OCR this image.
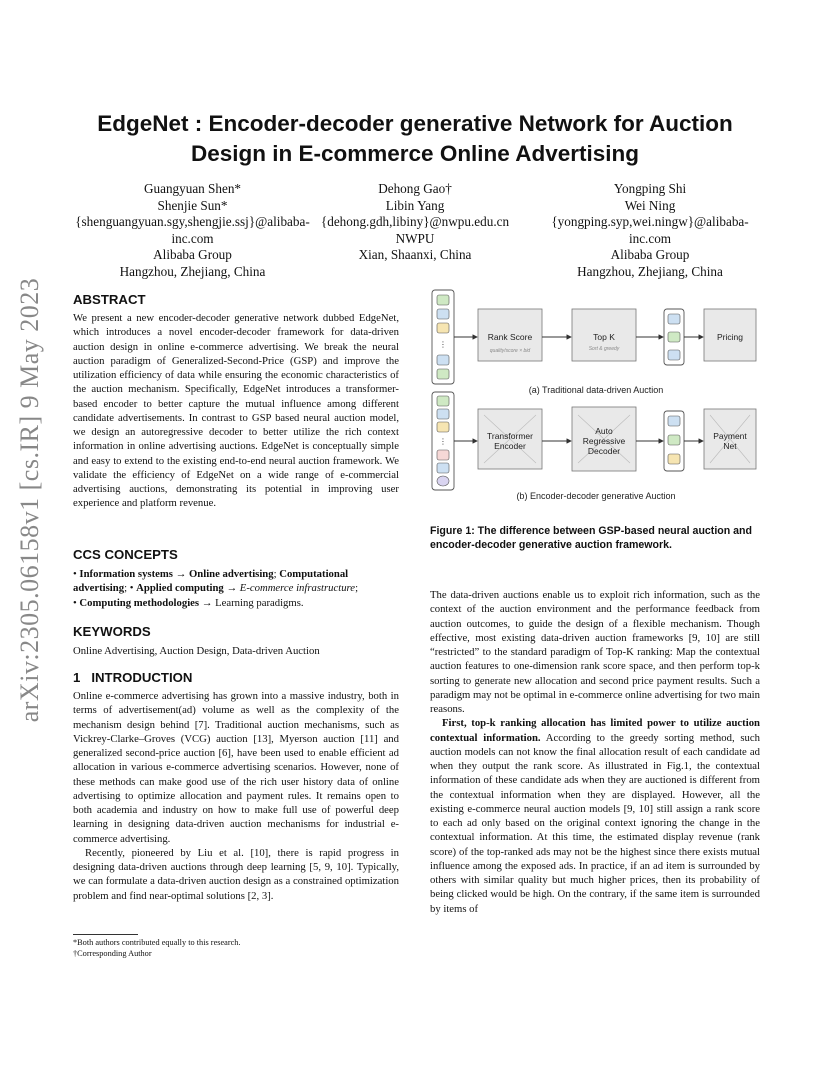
arXiv:2305.06158v1 [cs.IR] 9 May 2023
EdgeNet : Encoder-decoder generative Network for Auction
Design in E-commerce Online Advertising
Guangyuan Shen*
Shenjie Sun*
{shenguangyuan.sgy,shengjie.ssj}@alibaba-
inc.com
Alibaba Group
Hangzhou, Zhejiang, China
Dehong Gao†
Libin Yang
{dehong.gdh,libiny}@nwpu.edu.cn
NWPU
Xian, Shaanxi, China
Yongping Shi
Wei Ning
{yongping.syp,wei.ningw}@alibaba-
inc.com
Alibaba Group
Hangzhou, Zhejiang, China
ABSTRACT

We present a new encoder-decoder generative network dubbed EdgeNet, which introduces a novel encoder-decoder framework for data-driven auction design in online e-commerce advertising. We break the neural auction paradigm of Generalized-Second-Price (GSP) and improve the utilization efficiency of data while ensuring the economic characteristics of the auction mechanism. Specifically, EdgeNet introduces a transformer-based encoder to better capture the mutual influence among different candidate advertisements. In contrast to GSP based neural auction model, we design an autoregressive decoder to better utilize the rich context information in online advertising auctions. EdgeNet is conceptually simple and easy to extend to the existing end-to-end neural auction framework. We validate the efficiency of EdgeNet on a wide range of e-commercial advertising auctions, demonstrating its potential in improving user experience and platform revenue.

CCS CONCEPTS

• Information systems → Online advertising; Computational advertising; • Applied computing → E-commerce infrastructure;
• Computing methodologies → Learning paradigms.

KEYWORDS
Online Advertising, Auction Design, Data-driven Auction
1   INTRODUCTION

Online e-commerce advertising has grown into a massive industry, both in terms of advertisement(ad) volume as well as the complexity of the mechanism design behind [7]. Traditional auction mechanisms, such as Vickrey-Clarke–Groves (VCG) auction [13], Myerson auction [11] and generalized second-price auction [6], have been used to enable efficient ad allocation in various e-commerce advertising scenarios. However, none of these methods can make good use of the rich user history data of online advertising to optimize allocation and payment rules. It remains open to both academia and industry on how to make full use of powerful deep learning in designing data-driven auction mechanisms for industrial e-commerce advertising.

Recently, pioneered by Liu et al. [10], there is rapid progress in designing data-driven auctions through deep learning [5, 9, 10]. Typically, we can formulate a data-driven auction design as a constrained optimization problem and find near-optimal solutions [2, 3].

*Both authors contributed equally to this research.
†Corresponding Author
⋮
Rank Score
quality/score × bid
Top K
Sort & greedy
Pricing
(a) Traditional data-driven Auction
⋮
Transformer
Encoder
Auto
Regressive
Decoder
Payment
Net
(b) Encoder-decoder generative Auction
Figure 1: The difference between GSP-based neural auction and encoder-decoder generative auction framework.

The data-driven auctions enable us to exploit rich information, such as the context of the auction environment and the performance feedback from auction outcomes, to guide the design of a flexible mechanism. Though effective, most existing data-driven auction frameworks [9, 10] are still “restricted” to the standard paradigm of Top-K ranking: Map the contextual auction features to one-dimension rank score space, and then perform top-k sorting to generate new allocation and second price payment results. Such a paradigm may not be optimal in e-commerce online advertising for two main reasons.

First, top-k ranking allocation has limited power to utilize auction contextual information. According to the greedy sorting method, such auction models can not know the final allocation result of each candidate ad when they output the rank score. As illustrated in Fig.1, the contextual information of these candidate ads when they are auctioned is different from the contextual information when they are displayed. However, all the existing e-commerce neural auction models [9, 10] still assign a rank score to each ad only based on the original context ignoring the change in the contextual information. At this time, the estimated display revenue (rank score) of the top-ranked ads may not be the highest since there exists mutual influence among the exposed ads. In practice, if an ad item is surrounded by others with similar quality but much higher prices, then its probability of being clicked would be high. On the contrary, if the same item is surrounded by items of
